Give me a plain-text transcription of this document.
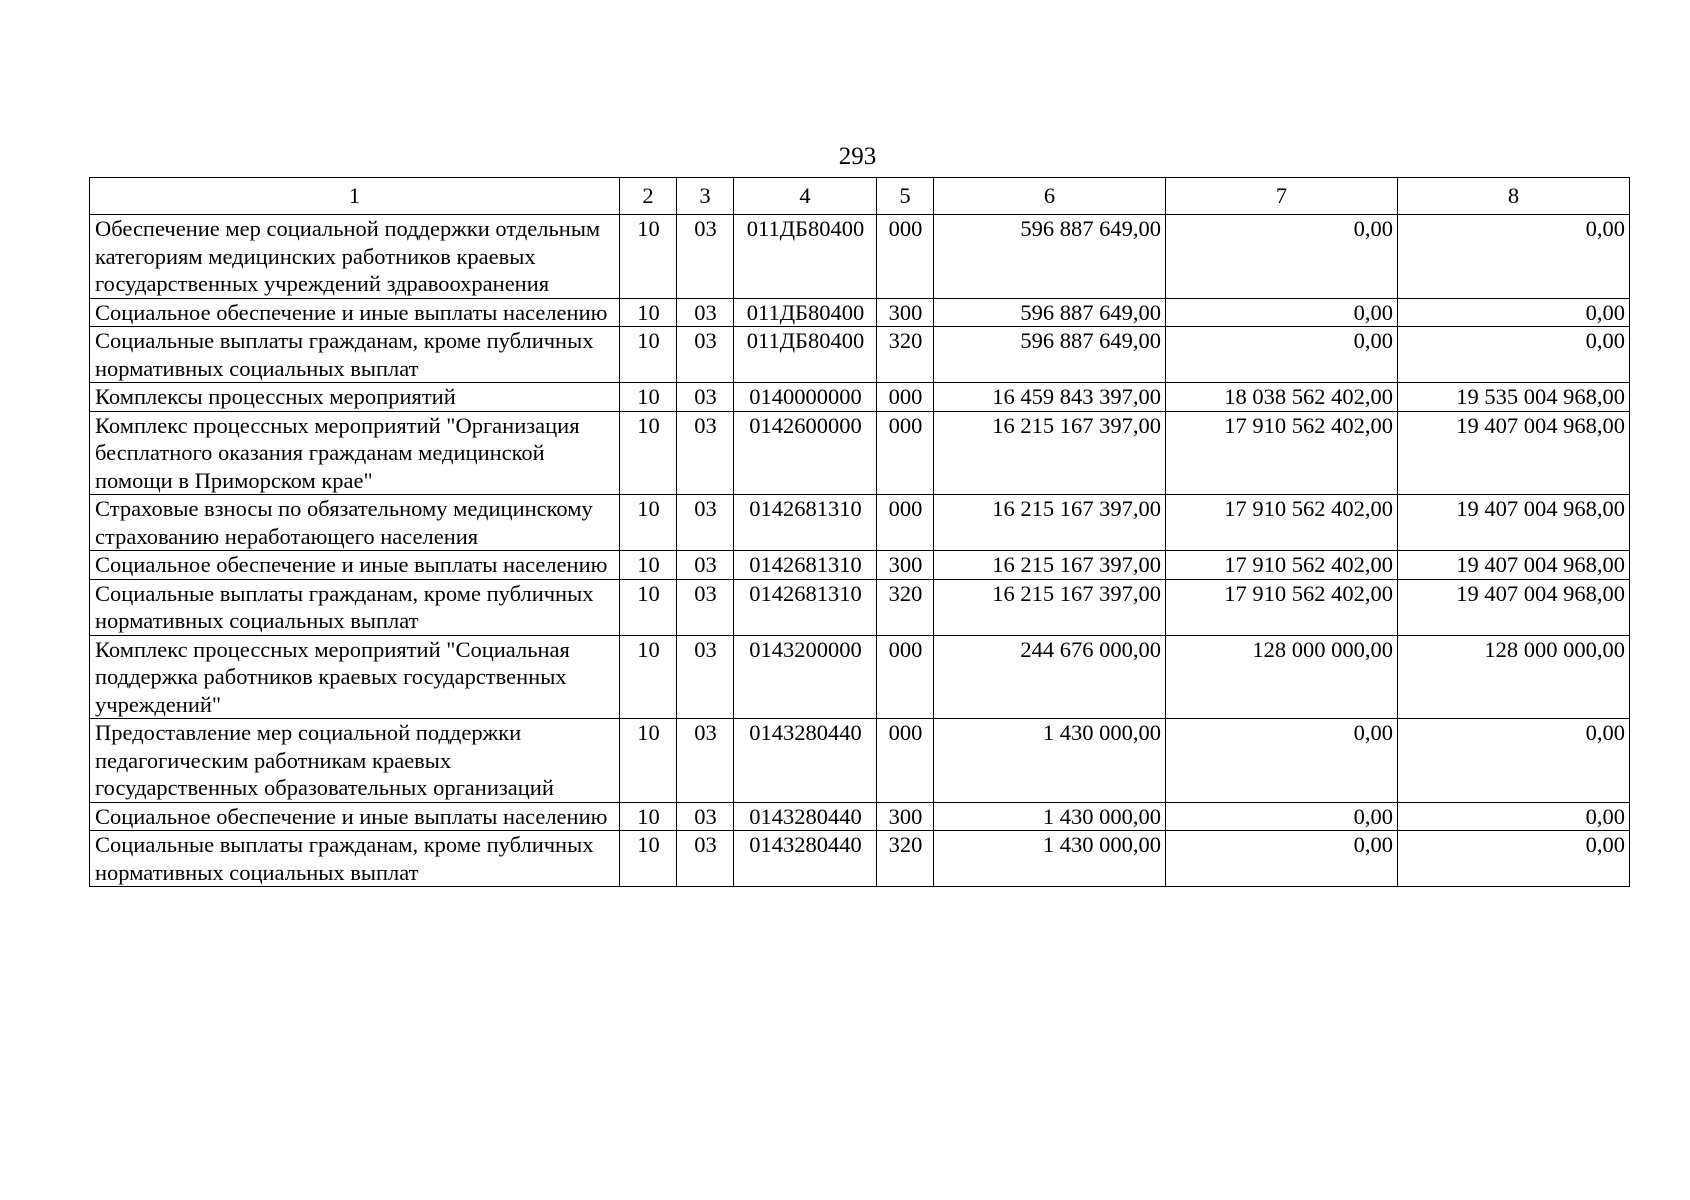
293
1	2	3	4	5	6	7	8
Обеспечение мер социальной поддержки отдельным категориям медицинских работников краевых государственных учреждений здравоохранения	10	03	011ДБ80400	000	596 887 649,00	0,00	0,00
Социальное обеспечение и иные выплаты населению	10	03	011ДБ80400	300	596 887 649,00	0,00	0,00
Социальные выплаты гражданам, кроме публичных нормативных социальных выплат	10	03	011ДБ80400	320	596 887 649,00	0,00	0,00
Комплексы процессных мероприятий	10	03	0140000000	000	16 459 843 397,00	18 038 562 402,00	19 535 004 968,00
Комплекс процессных мероприятий "Организация бесплатного оказания гражданам медицинской помощи в Приморском крае"	10	03	0142600000	000	16 215 167 397,00	17 910 562 402,00	19 407 004 968,00
Страховые взносы по обязательному медицинскому страхованию неработающего населения	10	03	0142681310	000	16 215 167 397,00	17 910 562 402,00	19 407 004 968,00
Социальное обеспечение и иные выплаты населению	10	03	0142681310	300	16 215 167 397,00	17 910 562 402,00	19 407 004 968,00
Социальные выплаты гражданам, кроме публичных нормативных социальных выплат	10	03	0142681310	320	16 215 167 397,00	17 910 562 402,00	19 407 004 968,00
Комплекс процессных мероприятий "Социальная поддержка работников краевых государственных учреждений"	10	03	0143200000	000	244 676 000,00	128 000 000,00	128 000 000,00
Предоставление мер социальной поддержки педагогическим работникам краевых государственных образовательных организаций	10	03	0143280440	000	1 430 000,00	0,00	0,00
Социальное обеспечение и иные выплаты населению	10	03	0143280440	300	1 430 000,00	0,00	0,00
Социальные выплаты гражданам, кроме публичных нормативных социальных выплат	10	03	0143280440	320	1 430 000,00	0,00	0,00
